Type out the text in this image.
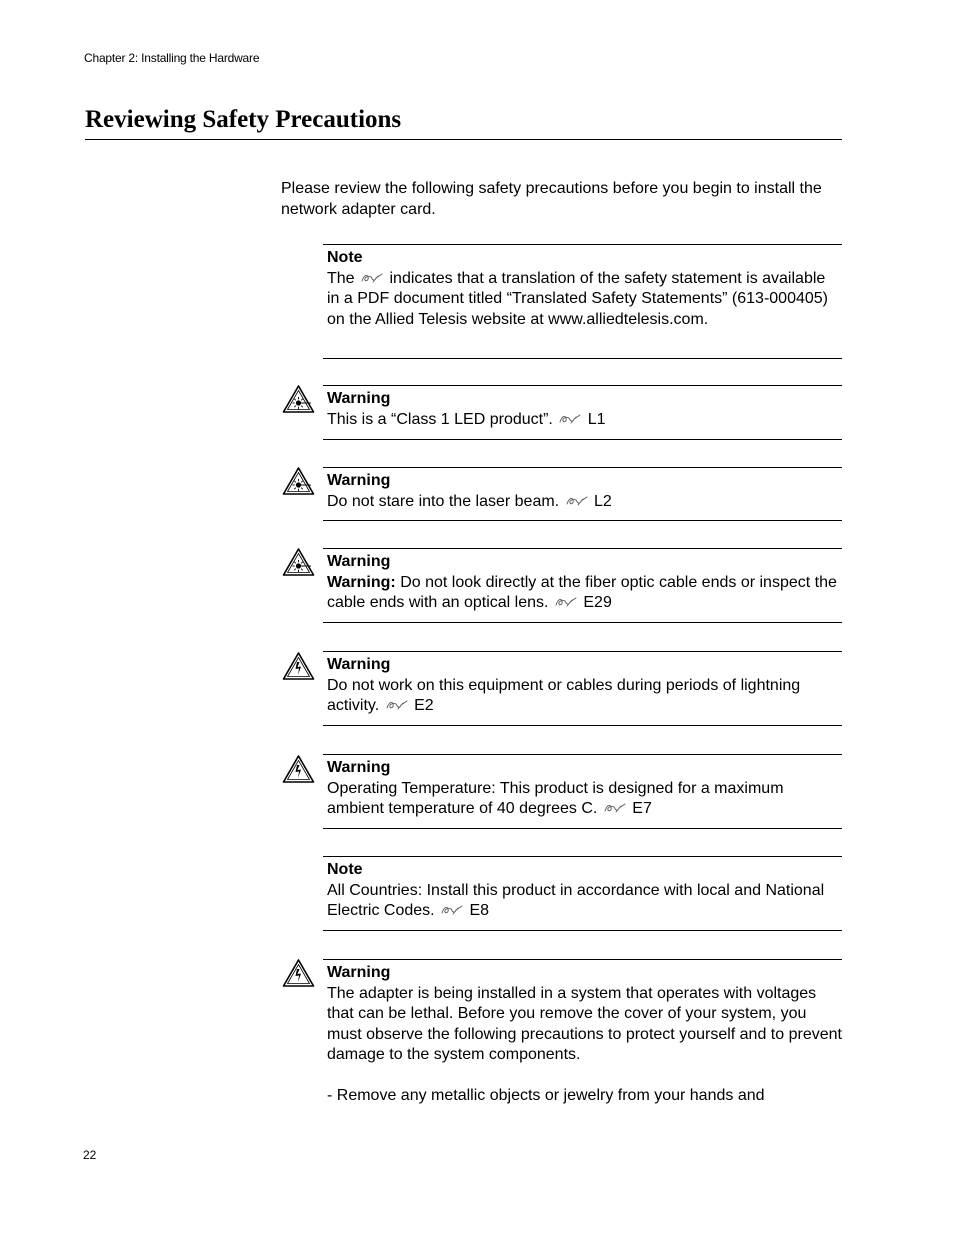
Chapter 2: Installing the Hardware
Reviewing Safety Precautions

Please review the following safety precautions before you begin to install the network adapter card.

Note
The indicates that a translation of the safety statement is available in a PDF document titled “Translated Safety Statements” (613-000405) on the Allied Telesis website at www.alliedtelesis.com.
Warning
This is a “Class 1 LED product”. L1
Warning
Do not stare into the laser beam. L2
Warning
Warning: Do not look directly at the fiber optic cable ends or inspect the cable ends with an optical lens. E29
Warning
Do not work on this equipment or cables during periods of lightning activity. E2
Warning
Operating Temperature: This product is designed for a maximum ambient temperature of 40 degrees C. E7
Note
All Countries: Install this product in accordance with local and National Electric Codes. E8
Warning

The adapter is being installed in a system that operates with voltages that can be lethal. Before you remove the cover of your system, you must observe the following precautions to protect yourself and to prevent damage to the system components.

- Remove any metallic objects or jewelry from your hands and

22
